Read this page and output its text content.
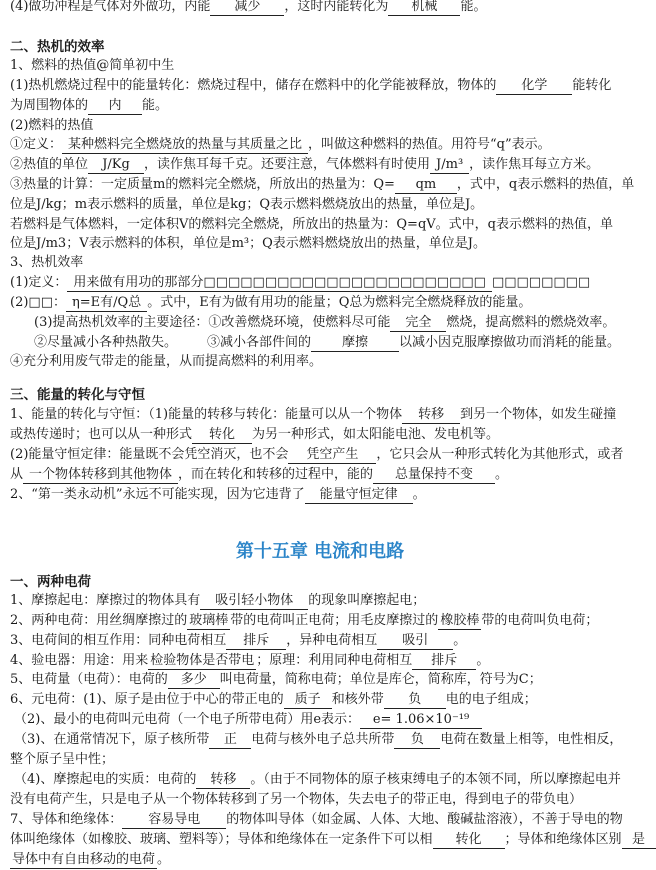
(4)做功冲程是气体对外做功，内能 减少 ，这时内能转化为 机械 能。
二、热机的效率
1、燃料的热值@简单初中生
(1)热机燃烧过程中的能量转化：燃烧过程中，储存在燃料中的化学能被释放，物体的 化学 能转化
为周围物体的 内 能。
(2)燃料的热值
①定义： 某种燃料完全燃烧放的热量与其质量之比 ，叫做这种燃料的热值。用符号“q”表示。
②热值的单位 J/Kg ，读作焦耳每千克。还要注意，气体燃料有时使用 J/m³ ，读作焦耳每立方米。
③热量的计算：一定质量m的燃料完全燃烧，所放出的热量为：Q= qm ，式中，q表示燃料的热值，单
位是J/kg；m表示燃料的质量，单位是kg；Q表示燃料燃烧放出的热量，单位是J。
若燃料是气体燃料，一定体积V的燃料完全燃烧，所放出的热量为：Q=qV。式中，q表示燃料的热值，单
位是J/m3；V表示燃料的体积，单位是m³；Q表示燃料燃烧放出的热量，单位是J。
3、热机效率
(1)定义： 用来做有用功的那部分□□□□□□□□□□□□□□□□□□□□□□□ □□□□□□□□
(2)□□： η=E有/Q总 。式中，E有为做有用功的能量；Q总为燃料完全燃烧释放的能量。
(3)提高热机效率的主要途径：①改善燃烧环境，使燃料尽可能 完全 燃烧，提高燃料的燃烧效率。
②尽量减小各种热散失。 ③减小各部件间的 摩擦 以减小因克服摩擦做功而消耗的能量。
④充分利用废气带走的能量，从而提高燃料的利用率。
三、能量的转化与守恒
1、能量的转化与守恒：（1)能量的转移与转化：能量可以从一个物体 转移 到另一个物体，如发生碰撞
或热传递时；也可以从一种形式 转化 为另一种形式，如太阳能电池、发电机等。
(2)能量守恒定律：能量既不会凭空消灭，也不会 凭空产生 ，它只会从一种形式转化为其他形式，或者
从 一个物体转移到其他物体 ，而在转化和转移的过程中，能的 总量保持不变 。
2、“第一类永动机”永远不可能实现，因为它违背了 能量守恒定律 。
第十五章 电流和电路
一、两种电荷
1、摩擦起电：摩擦过的物体具有 吸引轻小物体 的现象叫摩擦起电；
2、两种电荷：用丝绸摩擦过的 玻璃棒 带的电荷叫正电荷；用毛皮摩擦过的 橡胶棒 带的电荷叫负电荷；
3、电荷间的相互作用：同种电荷相互 排斥 ，异种电荷相互 吸引 。
4、验电器：用途：用来 检验物体是否带电 ；原理：利用同种电荷相互 排斥 。
5、电荷量（电荷）：电荷的 多少 叫电荷量，简称电荷；单位是库仑，简称库，符号为C；
6、元电荷：(1)、原子是由位于中心的带正电的 质子 和核外带 负 电的电子组成；
（2)、最小的电荷叫元电荷（一个电子所带电荷）用e表示： e= 1.06×10⁻¹⁹
（3)、在通常情况下，原子核所带 正 电荷与核外电子总共所带 负 电荷在数量上相等，电性相反，
整个原子呈中性；
（4)、摩擦起电的实质：电荷的 转移 。（由于不同物体的原子核束缚电子的本领不同，所以摩擦起电并
没有电荷产生，只是电子从一个物体转移到了另一个物体，失去电子的带正电，得到电子的带负电）
7、导体和绝缘体： 容易导电 的物体叫导体（如金属、人体、大地、酸碱盐溶液），不善于导电的物
体叫绝缘体（如橡胶、玻璃、塑料等）；导体和绝缘体在一定条件下可以相 转化 ；导体和绝缘体区别 是
导体中有自由移动的电荷 。
